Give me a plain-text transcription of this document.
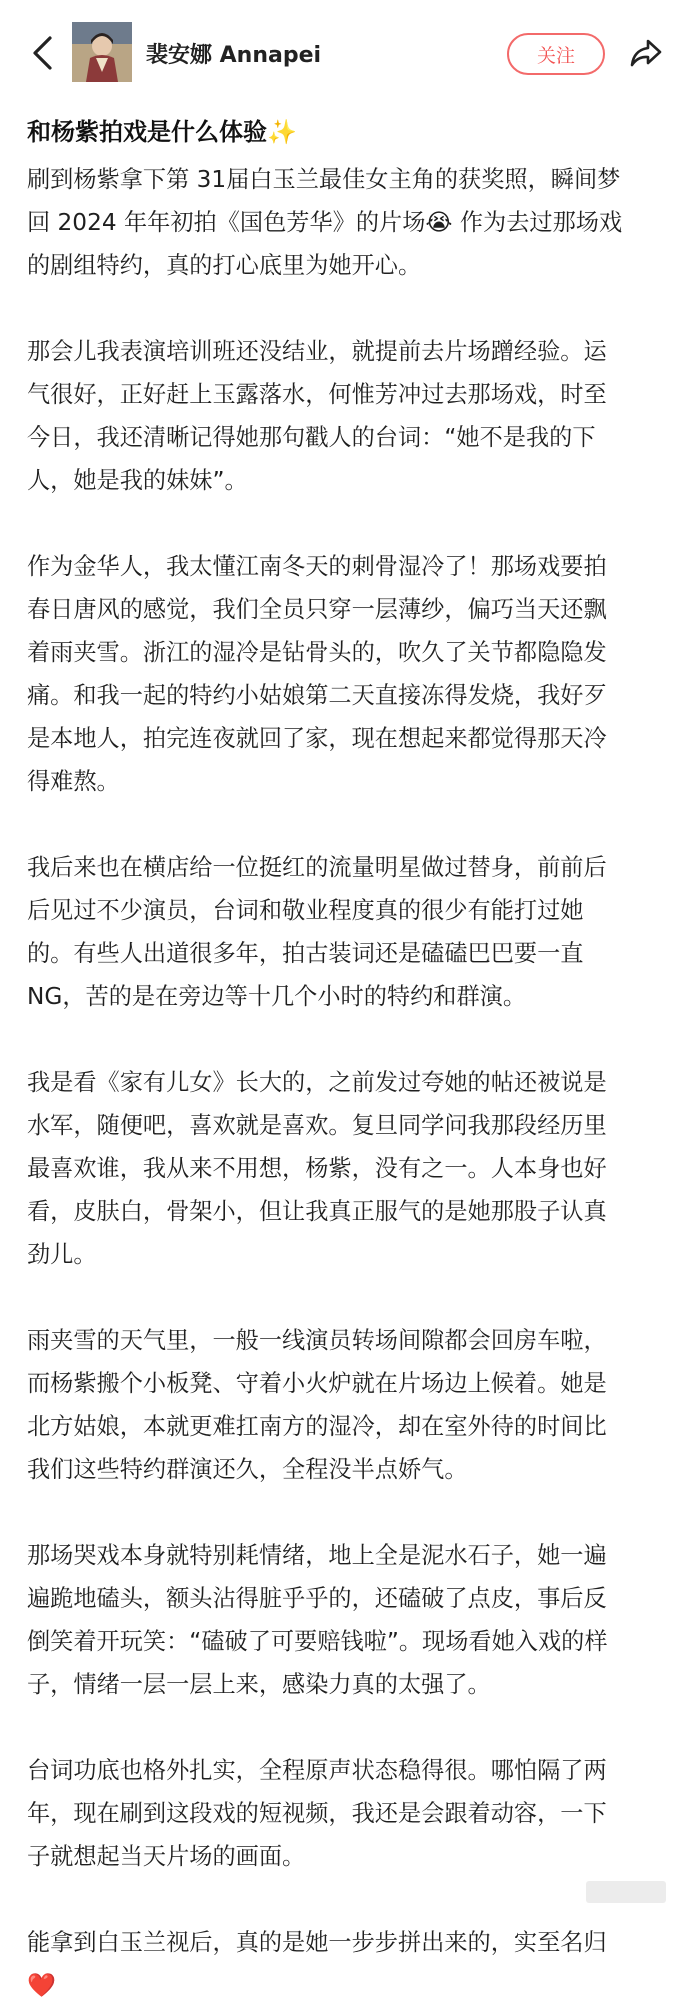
裴安娜 Annapei	关注
和杨紫拍戏是什么体验✨
刷到杨紫拿下第 31届白玉兰最佳女主角的获奖照，瞬间梦
回 2024 年年初拍《国色芳华》的片场😭 作为去过那场戏
的剧组特约，真的打心底里为她开心。
那会儿我表演培训班还没结业，就提前去片场蹭经验。运
气很好，正好赶上玉露落水，何惟芳冲过去那场戏，时至
今日，我还清晰记得她那句戳人的台词：“她不是我的下
人，她是我的妹妹”。
作为金华人，我太懂江南冬天的刺骨湿冷了！那场戏要拍
春日唐风的感觉，我们全员只穿一层薄纱，偏巧当天还飘
着雨夹雪。浙江的湿冷是钻骨头的，吹久了关节都隐隐发
痛。和我一起的特约小姑娘第二天直接冻得发烧，我好歹
是本地人，拍完连夜就回了家，现在想起来都觉得那天冷
得难熬。
我后来也在横店给一位挺红的流量明星做过替身，前前后
后见过不少演员，台词和敬业程度真的很少有能打过她
的。有些人出道很多年，拍古装词还是磕磕巴巴要一直
NG，苦的是在旁边等十几个小时的特约和群演。
我是看《家有儿女》长大的，之前发过夸她的帖还被说是
水军，随便吧，喜欢就是喜欢。复旦同学问我那段经历里
最喜欢谁，我从来不用想，杨紫，没有之一。人本身也好
看，皮肤白，骨架小，但让我真正服气的是她那股子认真
劲儿。
雨夹雪的天气里，一般一线演员转场间隙都会回房车啦，
而杨紫搬个小板凳、守着小火炉就在片场边上候着。她是
北方姑娘，本就更难扛南方的湿冷，却在室外待的时间比
我们这些特约群演还久，全程没半点娇气。
那场哭戏本身就特别耗情绪，地上全是泥水石子，她一遍
遍跪地磕头，额头沾得脏乎乎的，还磕破了点皮，事后反
倒笑着开玩笑：“磕破了可要赔钱啦”。现场看她入戏的样
子，情绪一层一层上来，感染力真的太强了。
台词功底也格外扎实，全程原声状态稳得很。哪怕隔了两
年，现在刷到这段戏的短视频，我还是会跟着动容，一下
子就想起当天片场的画面。
能拿到白玉兰视后，真的是她一步步拼出来的，实至名归
❤️
